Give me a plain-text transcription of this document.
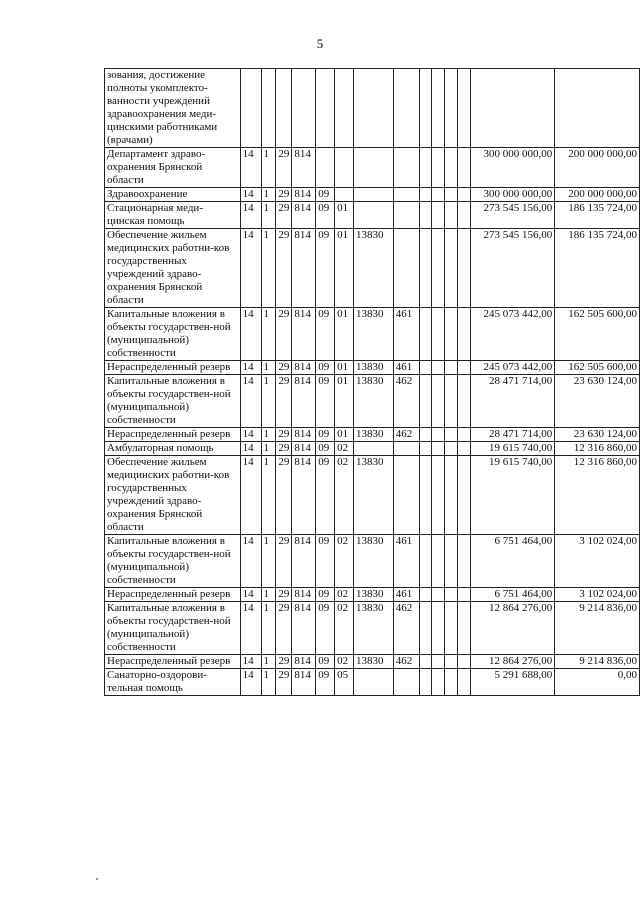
5
зования, достижение полноты укомплекто-ванности учреждений здравоохранения меди-цинскими работниками (врачами)														
Департамент здраво-охранения Брянской области	14	1	29	814									300 000 000,00	200 000 000,00
Здравоохранение	14	1	29	814	09								300 000 000,00	200 000 000,00
Стационарная меди-цинская помощь	14	1	29	814	09	01							273 545 156,00	186 135 724,00
Обеспечение жильем медицинских работни-ков государственных учреждений здраво-охранения Брянской области	14	1	29	814	09	01	13830						273 545 156,00	186 135 724,00
Капитальные вложения в объекты государствен-ной (муниципальной) собственности	14	1	29	814	09	01	13830	461					245 073 442,00	162 505 600,00
Нераспределенный резерв	14	1	29	814	09	01	13830	461					245 073 442,00	162 505 600,00
Капитальные вложения в объекты государствен-ной (муниципальной) собственности	14	1	29	814	09	01	13830	462					28 471 714,00	23 630 124,00
Нераспределенный резерв	14	1	29	814	09	01	13830	462					28 471 714,00	23 630 124,00
Амбулаторная помощь	14	1	29	814	09	02							19 615 740,00	12 316 860,00
Обеспечение жильем медицинских работни-ков государственных учреждений здраво-охранения Брянской области	14	1	29	814	09	02	13830						19 615 740,00	12 316 860,00
Капитальные вложения в объекты государствен-ной (муниципальной) собственности	14	1	29	814	09	02	13830	461					6 751 464,00	3 102 024,00
Нераспределенный резерв	14	1	29	814	09	02	13830	461					6 751 464,00	3 102 024,00
Капитальные вложения в объекты государствен-ной (муниципальной) собственности	14	1	29	814	09	02	13830	462					12 864 276,00	9 214 836,00
Нераспределенный резерв	14	1	29	814	09	02	13830	462					12 864 276,00	9 214 836,00
Санаторно-оздорови-тельная помощь	14	1	29	814	09	05							5 291 688,00	0,00
